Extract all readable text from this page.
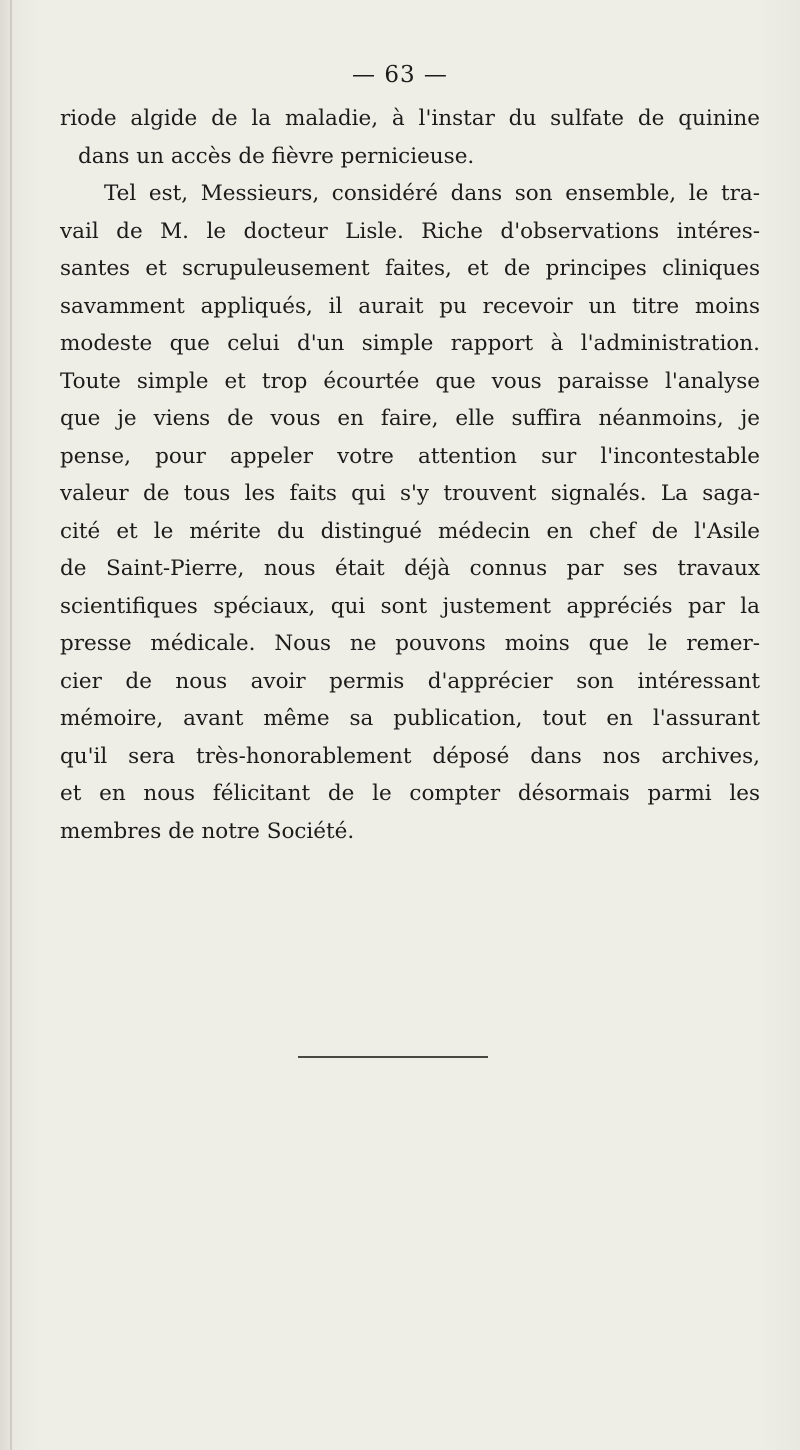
— 63 —
riode algide de la maladie, à l'instar du sulfate de quinine
dans un accès de fièvre pernicieuse.
Tel est, Messieurs, considéré dans son ensemble, le tra-
vail de M. le docteur Lisle. Riche d'observations intéres-
santes et scrupuleusement faites, et de principes cliniques
savamment appliqués, il aurait pu recevoir un titre moins
modeste que celui d'un simple rapport à l'administration.
Toute simple et trop écourtée que vous paraisse l'analyse
que je viens de vous en faire, elle suffira néanmoins, je
pense, pour appeler votre attention sur l'incontestable
valeur de tous les faits qui s'y trouvent signalés. La saga-
cité et le mérite du distingué médecin en chef de l'Asile
de Saint-Pierre, nous était déjà connus par ses travaux
scientifiques spéciaux, qui sont justement appréciés par la
presse médicale. Nous ne pouvons moins que le remer-
cier de nous avoir permis d'apprécier son intéressant
mémoire, avant même sa publication, tout en l'assurant
qu'il sera très-honorablement déposé dans nos archives,
et en nous félicitant de le compter désormais parmi les
membres de notre Société.
